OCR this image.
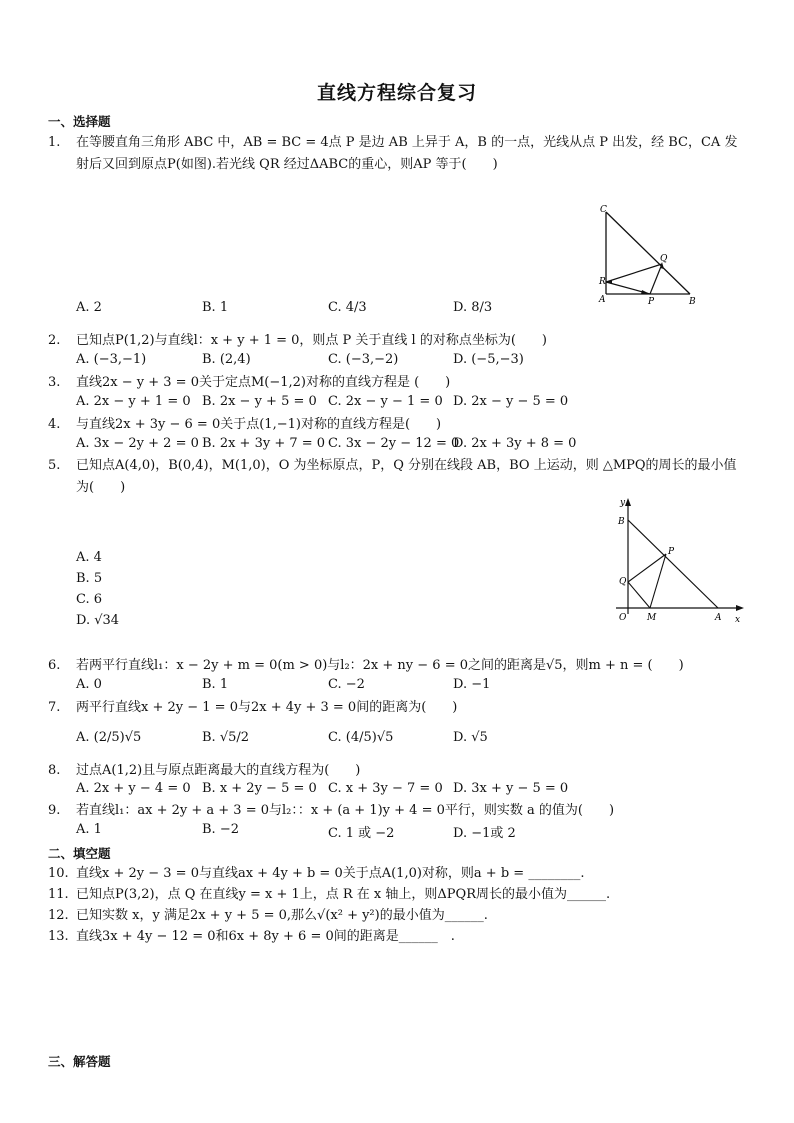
直线方程综合复习
一、选择题
1. 在等腰直角三角形 ABC 中，AB = BC = 4点 P 是边 AB 上异于 A，B 的一点，光线从点 P 出发，经 BC，CA 发射后又回到原点P(如图).若光线 QR 经过ΔABC的重心，则AP 等于(　　)
A. 2	B. 1	C. 4/3	D. 8/3
C
Q
R
A	P	B
2. 已知点P(1,2)与直线l：x + y + 1 = 0，则点 P 关于直线 l 的对称点坐标为(　　)
A. (−3,−1)	B. (2,4)	C. (−3,−2)	D. (−5,−3)
3. 直线2x − y + 3 = 0关于定点M(−1,2)对称的直线方程是 (　　)
A. 2x − y + 1 = 0 B. 2x − y + 5 = 0 C. 2x − y − 1 = 0 D. 2x − y − 5 = 0
4. 与直线2x + 3y − 6 = 0关于点(1,−1)对称的直线方程是(　　)
A. 3x − 2y + 2 = 0 B. 2x + 3y + 7 = 0 C. 3x − 2y − 12 = 0
D. 2x + 3y + 8 = 0
5. 已知点A(4,0)，B(0,4)，M(1,0)，O 为坐标原点，P，Q 分别在线段 AB，BO 上运动，则 △MPQ的周长的最小值为(　　)
A. 4
B. 5
C. 6
D. √34
y
B
P
Q
O M	A x
6. 若两平行直线l₁：x − 2y + m = 0(m > 0)与l₂：2x + ny − 6 = 0之间的距离是√5，则m + n = (　　)
A. 0	B. 1	C. −2	D. −1
7. 两平行直线x + 2y − 1 = 0与2x + 4y + 3 = 0间的距离为(　　)
A. (2/5)√5	B. √5/2	C. (4/5)√5	D. √5
8. 过点A(1,2)且与原点距离最大的直线方程为(　　)
A. 2x + y − 4 = 0 B. x + 2y − 5 = 0 C. x + 3y − 7 = 0 D. 3x + y − 5 = 0
9. 若直线l₁：ax + 2y + a + 3 = 0与l₂：：x + (a + 1)y + 4 = 0平行，则实数 a 的值为(　　)
A. 1	B. −2	C. 1 或 −2	D. −1或 2
二、填空题
10. 直线x + 2y − 3 = 0与直线ax + 4y + b = 0关于点A(1,0)对称，则a + b = ________.
11. 已知点P(3,2)，点 Q 在直线y = x + 1上，点 R 在 x 轴上，则ΔPQR周长的最小值为______.
12. 已知实数 x，y 满足2x + y + 5 = 0,那么√(x² + y²)的最小值为______.
13. 直线3x + 4y − 12 = 0和6x + 8y + 6 = 0间的距离是______　.
三、解答题
